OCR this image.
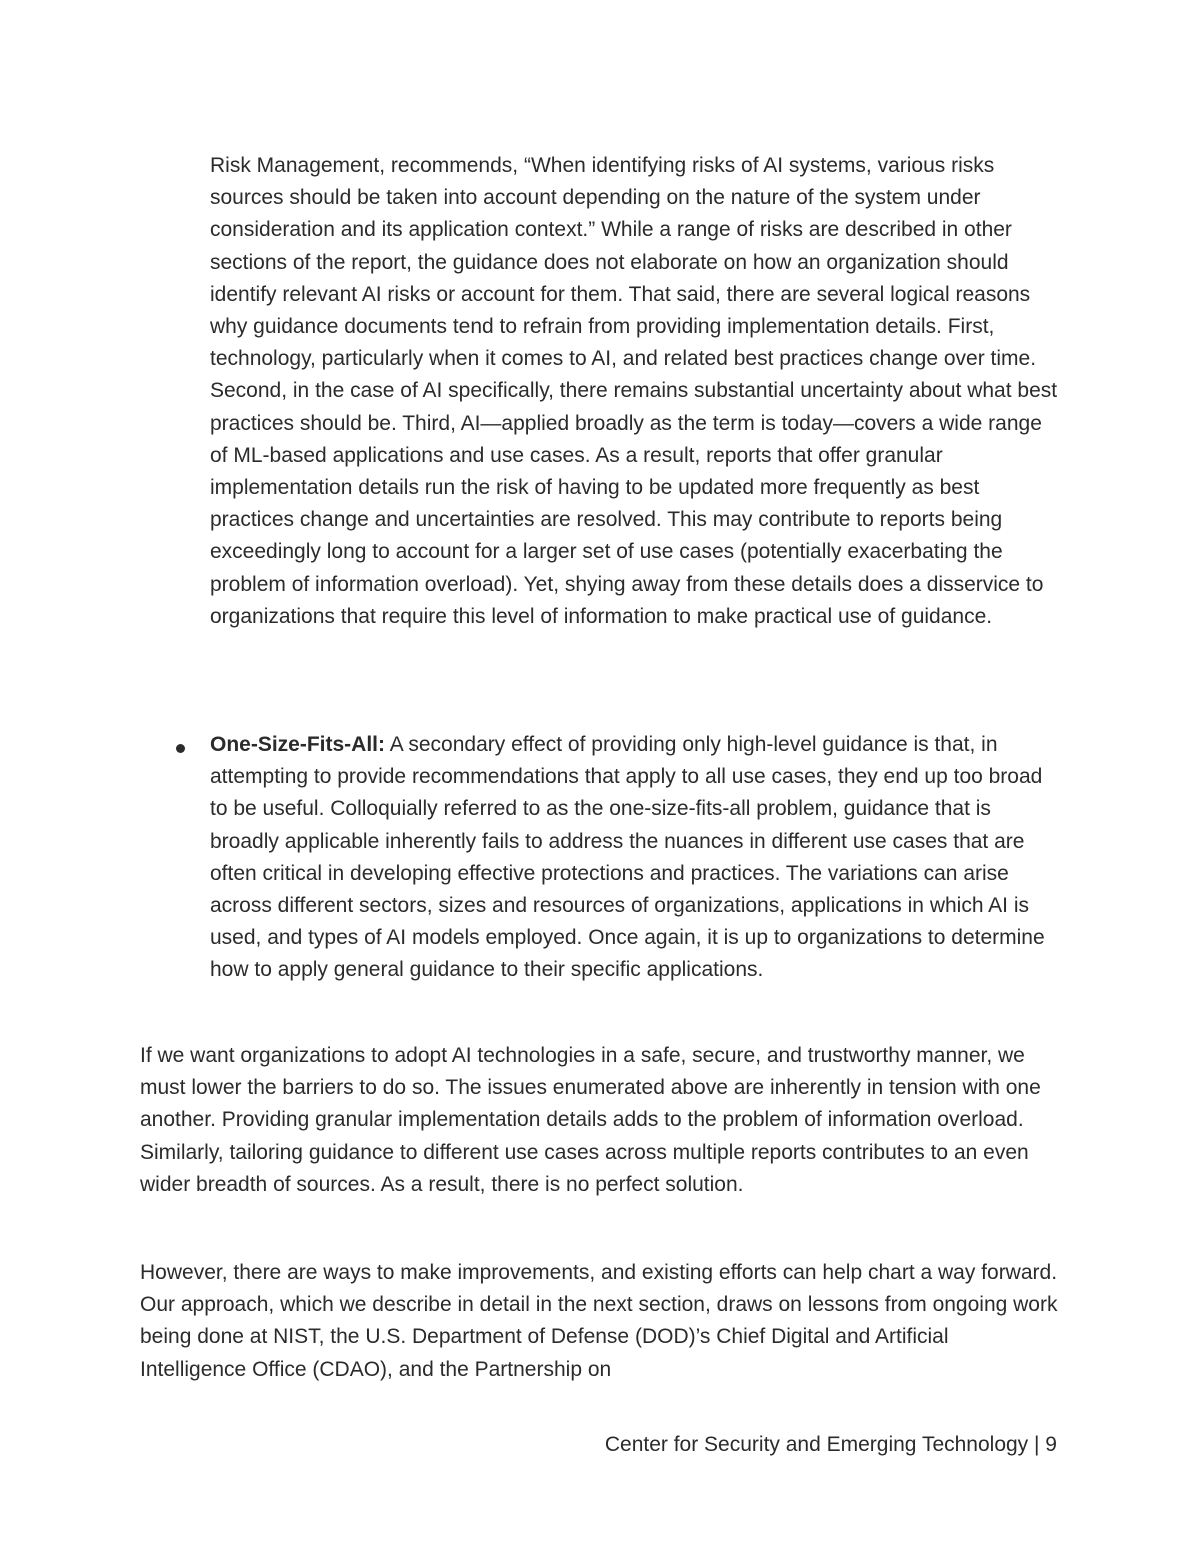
Risk Management, recommends, “When identifying risks of AI systems, various risks sources should be taken into account depending on the nature of the system under consideration and its application context.” While a range of risks are described in other sections of the report, the guidance does not elaborate on how an organization should identify relevant AI risks or account for them. That said, there are several logical reasons why guidance documents tend to refrain from providing implementation details. First, technology, particularly when it comes to AI, and related best practices change over time. Second, in the case of AI specifically, there remains substantial uncertainty about what best practices should be. Third, AI—applied broadly as the term is today—covers a wide range of ML-based applications and use cases. As a result, reports that offer granular implementation details run the risk of having to be updated more frequently as best practices change and uncertainties are resolved. This may contribute to reports being exceedingly long to account for a larger set of use cases (potentially exacerbating the problem of information overload). Yet, shying away from these details does a disservice to organizations that require this level of information to make practical use of guidance.

One-Size-Fits-All: A secondary effect of providing only high-level guidance is that, in attempting to provide recommendations that apply to all use cases, they end up too broad to be useful. Colloquially referred to as the one-size-fits-all problem, guidance that is broadly applicable inherently fails to address the nuances in different use cases that are often critical in developing effective protections and practices. The variations can arise across different sectors, sizes and resources of organizations, applications in which AI is used, and types of AI models employed. Once again, it is up to organizations to determine how to apply general guidance to their specific applications.

If we want organizations to adopt AI technologies in a safe, secure, and trustworthy manner, we must lower the barriers to do so. The issues enumerated above are inherently in tension with one another. Providing granular implementation details adds to the problem of information overload. Similarly, tailoring guidance to different use cases across multiple reports contributes to an even wider breadth of sources. As a result, there is no perfect solution.

However, there are ways to make improvements, and existing efforts can help chart a way forward. Our approach, which we describe in detail in the next section, draws on lessons from ongoing work being done at NIST, the U.S. Department of Defense (DOD)’s Chief Digital and Artificial Intelligence Office (CDAO), and the Partnership on

Center for Security and Emerging Technology | 9
